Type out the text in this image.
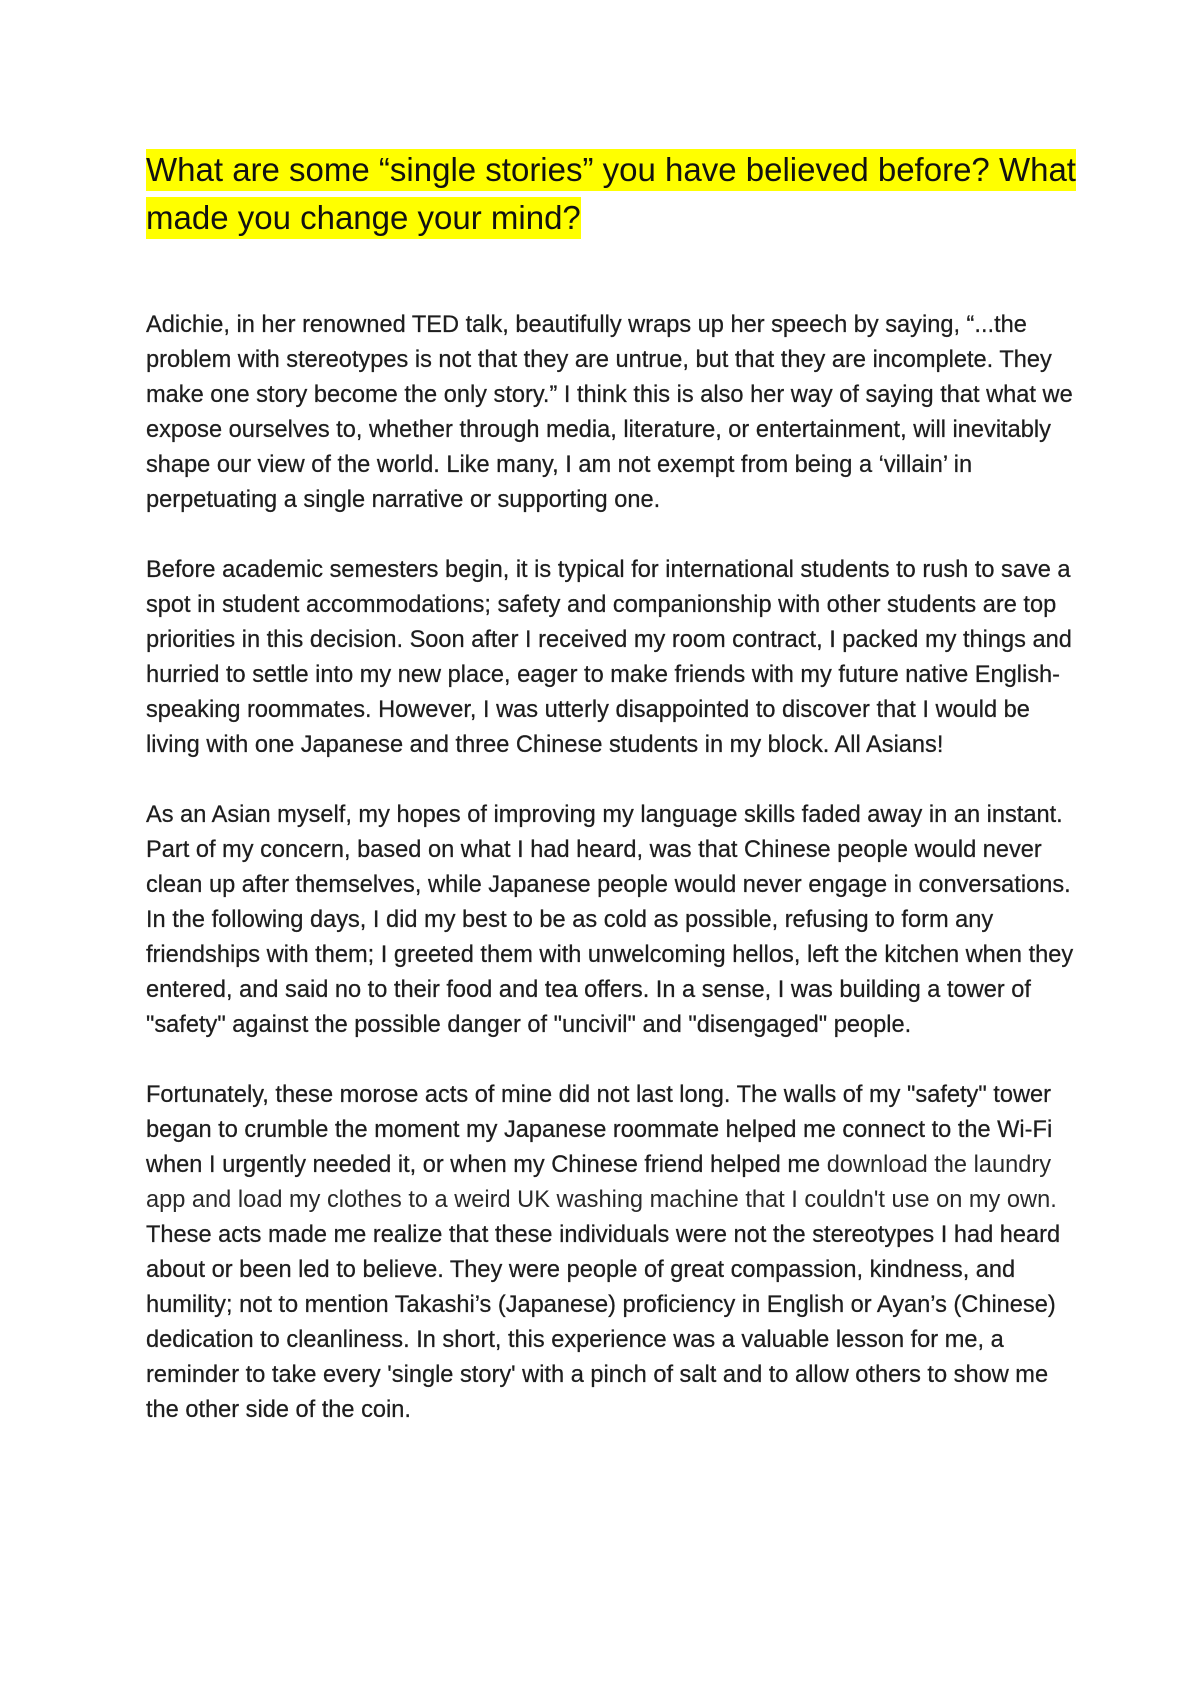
What are some “single stories” you have believed before? What made you change your mind?

Adichie, in her renowned TED talk, beautifully wraps up her speech by saying, “...the problem with stereotypes is not that they are untrue, but that they are incomplete. They make one story become the only story.” I think this is also her way of saying that what we expose ourselves to, whether through media, literature, or entertainment, will inevitably shape our view of the world. Like many, I am not exempt from being a ‘villain’ in perpetuating a single narrative or supporting one.

Before academic semesters begin, it is typical for international students to rush to save a spot in student accommodations; safety and companionship with other students are top priorities in this decision. Soon after I received my room contract, I packed my things and hurried to settle into my new place, eager to make friends with my future native English-speaking roommates. However, I was utterly disappointed to discover that I would be living with one Japanese and three Chinese students in my block. All Asians!

As an Asian myself, my hopes of improving my language skills faded away in an instant. Part of my concern, based on what I had heard, was that Chinese people would never clean up after themselves, while Japanese people would never engage in conversations. In the following days, I did my best to be as cold as possible, refusing to form any friendships with them; I greeted them with unwelcoming hellos, left the kitchen when they entered, and said no to their food and tea offers. In a sense, I was building a tower of "safety" against the possible danger of "uncivil" and "disengaged" people.

Fortunately, these morose acts of mine did not last long. The walls of my "safety" tower began to crumble the moment my Japanese roommate helped me connect to the Wi-Fi when I urgently needed it, or when my Chinese friend helped me download the laundry app and load my clothes to a weird UK washing machine that I couldn't use on my own. These acts made me realize that these individuals were not the stereotypes I had heard about or been led to believe. They were people of great compassion, kindness, and humility; not to mention Takashi’s (Japanese) proficiency in English or Ayan’s (Chinese) dedication to cleanliness. In short, this experience was a valuable lesson for me, a reminder to take every 'single story' with a pinch of salt and to allow others to show me the other side of the coin.
